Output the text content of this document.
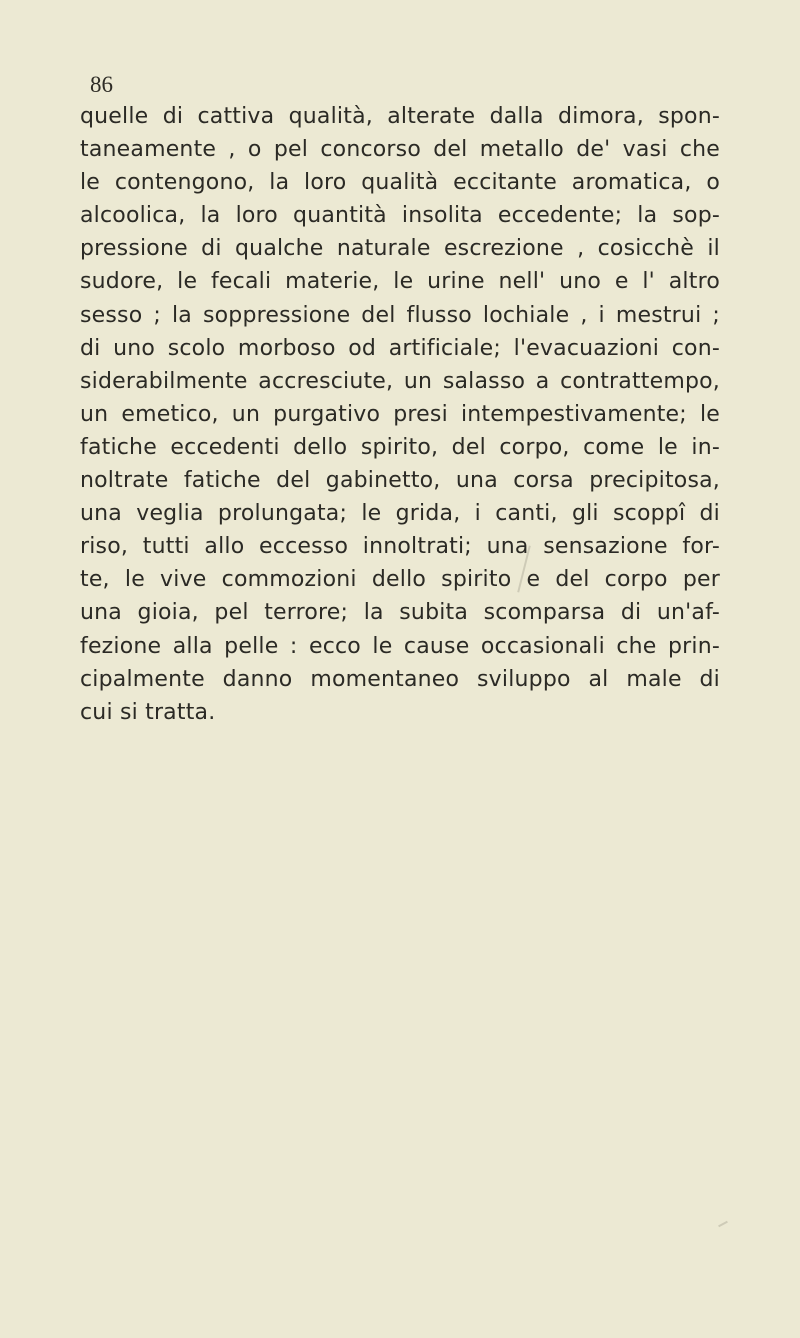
86

quelle di cattiva qualità, alterate dalla dimora, spon-
taneamente , o pel concorso del metallo de' vasi che
le contengono, la loro qualità eccitante aromatica, o
alcoolica, la loro quantità insolita eccedente; la sop-
pressione di qualche naturale escrezione , cosicchè il
sudore, le fecali materie, le urine nell' uno e l' altro
sesso ; la soppressione del flusso lochiale , i mestrui ;
di uno scolo morboso od artificiale; l'evacuazioni con-
siderabilmente accresciute, un salasso a contrattempo,
un emetico, un purgativo presi intempestivamente; le
fatiche eccedenti dello spirito, del corpo, come le in-
noltrate fatiche del gabinetto, una corsa precipitosa,
una veglia prolungata; le grida, i canti, gli scoppî di
riso, tutti allo eccesso innoltrati; una sensazione for-
te, le vive commozioni dello spirito e del corpo per
una gioia, pel terrore; la subita scomparsa di un'af-
fezione alla pelle : ecco le cause occasionali che prin-
cipalmente danno momentaneo sviluppo al male di
cui si tratta.
